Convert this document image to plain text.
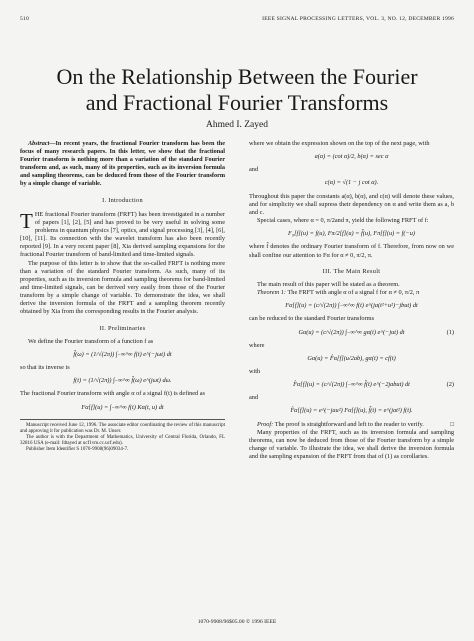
510	IEEE SIGNAL PROCESSING LETTERS, VOL. 3, NO. 12, DECEMBER 1996
On the Relationship Between the Fourier
and Fractional Fourier Transforms
Ahmed I. Zayed

Abstract—In recent years, the fractional Fourier transform has been the focus of many research papers. In this letter, we show that the fractional Fourier transform is nothing more than a variation of the standard Fourier transform and, as such, many of its properties, such as its inversion formula and sampling theorems, can be deduced from those of the Fourier transform by a simple change of variable.

I. Introduction

THE fractional Fourier transform (FRFT) has been investigated in a number of papers [1], [2], [5] and has proved to be very useful in solving some problems in quantum physics [7], optics, and signal processing [3], [4], [6], [10], [11]. Its connection with the wavelet transform has also been recently reported [9]. In a very recent paper [8], Xia derived sampling expansions for the fractional Fourier transform of band-limited and time-limited signals.

The purpose of this letter is to show that the so-called FRFT is nothing more than a variation of the standard Fourier transform. As such, many of its properties, such as its inversion formula and sampling theorems for band-limited and time-limited signals, can be derived very easily from those of the Fourier transform by a simple change of variable. To demonstrate the idea, we shall derive the inversion formula of the FRFT and a sampling theorem recently obtained by Xia from the corresponding results in the Fourier analysis.

II. Preliminaries

We define the Fourier transform of a function f as

f̂(ω) = (1/√(2π)) ∫₋∞^∞ f(t) e^(−jωt) dt

so that its inverse is

f(t) = (1/√(2π)) ∫₋∞^∞ f̂(ω) e^(jωt) dω.

The fractional Fourier transform with angle α of a signal f(t) is defined as

Fα[f](u) = ∫₋∞^∞ f(t) Kα(t, u) dt

Manuscript received June 12, 1996. The associate editor coordinating the review of this manuscript and approving it for publication was Dr. M. Unser.

The author is with the Department of Mathematics, University of Central Florida, Orlando, FL 32816 USA (e-mail: fdtayed at ucf1vm.cc.ucf.edu).

Publisher Item Identifier S 1070-9908(96)09034-7.

where we obtain the expression shown on the top of the next page, with

a(α) = (cot α)/2, b(α) = sec α

and

c(α) = √(1 − j cot α).

Throughout this paper the constants a(α), b(α), and c(α) will denote these values, and for simplicity we shall supress their dependency on α and write them as a, b and c.

Special cases, where α = 0, π/2and π, yield the following FRFT of f:

F₀[f](u) = f(u), Fπ/2[f](u) = f̂(u), Fπ[f](u) = f(−u)

where f̂ denotes the ordinary Fourier transform of f. Therefore, from now on we shall confine our attention to Fα for α ≠ 0, π/2, π.

III. The Main Result

The main result of this paper will be stated as a theorem.

Theorem 1: The FRFT with angle α of a signal f for α ≠ 0, π/2, π

Fα[f](u) = (c/√(2π)) ∫₋∞^∞ f(t) e^(ja(t²+u²)−jbut) dt

can be reduced to the standard Fourier transforms

Gα(u) = (c/√(2π)) ∫₋∞^∞ gα(t) e^(−jut) dt	(1)

where

Gα(u) = F̂α[f](u/2ab), gα(t) = cf(t)

with

F̂α[f](u) = (c/√(2π)) ∫₋∞^∞ f̂(t) e^(−2jabut) dt	(2)

and

F̂α[f](u) = e^(−jau²) Fα[f](u), f̃(t) = e^(jat²) f(t).

Proof: The proof is straightforward and left to the reader to verify.	□

Many properties of the FRFT, such as its inversion formula and sampling theorems, can now be deduced from those of the Fourier transform by a simple change of variable. To illustrate the idea, we shall derive the inversion formula and the sampling expansion of the FRFT from that of (1) as corollaries.

1070-9908/96$05.00 © 1996 IEEE
